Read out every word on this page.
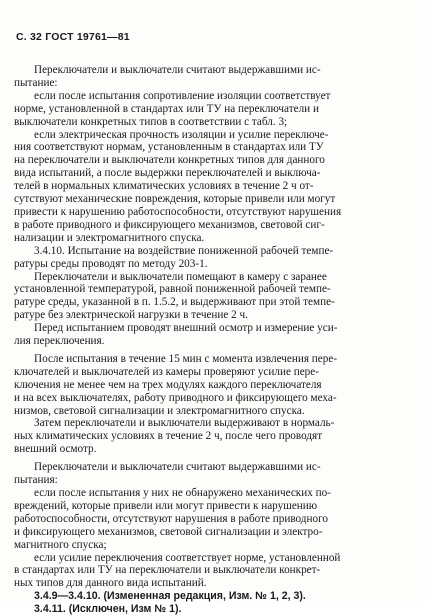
С. 32 ГОСТ 19761—81
Переключатели и выключатели считают выдержавшими ис-
пытание:
если после испытания сопротивление изоляции соответствует
норме, установленной в стандартах или ТУ на переключатели и
выключатели конкретных типов в соответствии с табл. 3;
если электрическая прочность изоляции и усилие переключе-
ния соответствуют нормам, установленным в стандартах или ТУ
на переключатели и выключатели конкретных типов для данного
вида испытаний, а после выдержки переключателей и выключа-
телей в нормальных климатических условиях в течение 2 ч от-
сутствуют механические повреждения, которые привели или могут
привести к нарушению работоспособности, отсутствуют нарушения
в работе приводного и фиксирующего механизмов, световой сиг-
нализации и электромагнитного спуска.
3.4.10. Испытание на воздействие пониженной рабочей темпе-
ратуры среды проводят по методу 203-1.
Переключатели и выключатели помещают в камеру с заранее
установленной температурой, равной пониженной рабочей темпе-
ратуре среды, указанной в п. 1.5.2, и выдерживают при этой темпе-
ратуре без электрической нагрузки в течение 2 ч.
Перед испытанием проводят внешний осмотр и измерение уси-
лия переключения.
После испытания в течение 15 мин с момента извлечения пере-
ключателей и выключателей из камеры проверяют усилие пере-
ключения не менее чем на трех модулях каждого переключателя
и на всех выключателях, работу приводного и фиксирующего меха-
низмов, световой сигнализации и электромагнитного спуска.
Затем переключатели и выключатели выдерживают в нормаль-
ных климатических условиях в течение 2 ч, после чего проводят
внешний осмотр.
Переключатели и выключатели считают выдержавшими ис-
пытания:
если после испытания у них не обнаружено механических по-
вреждений, которые привели или могут привести к нарушению
работоспособности, отсутствуют нарушения в работе приводного
и фиксирующего механизмов, световой сигнализации и электро-
магнитного спуска;
если усилие переключения соответствует норме, установленной
в стандартах или ТУ на переключатели и выключатели конкрет-
ных типов для данного вида испытаний.
3.4.9—3.4.10. (Измененная редакция, Изм. № 1, 2, 3).
3.4.11. (Исключен, Изм № 1).
